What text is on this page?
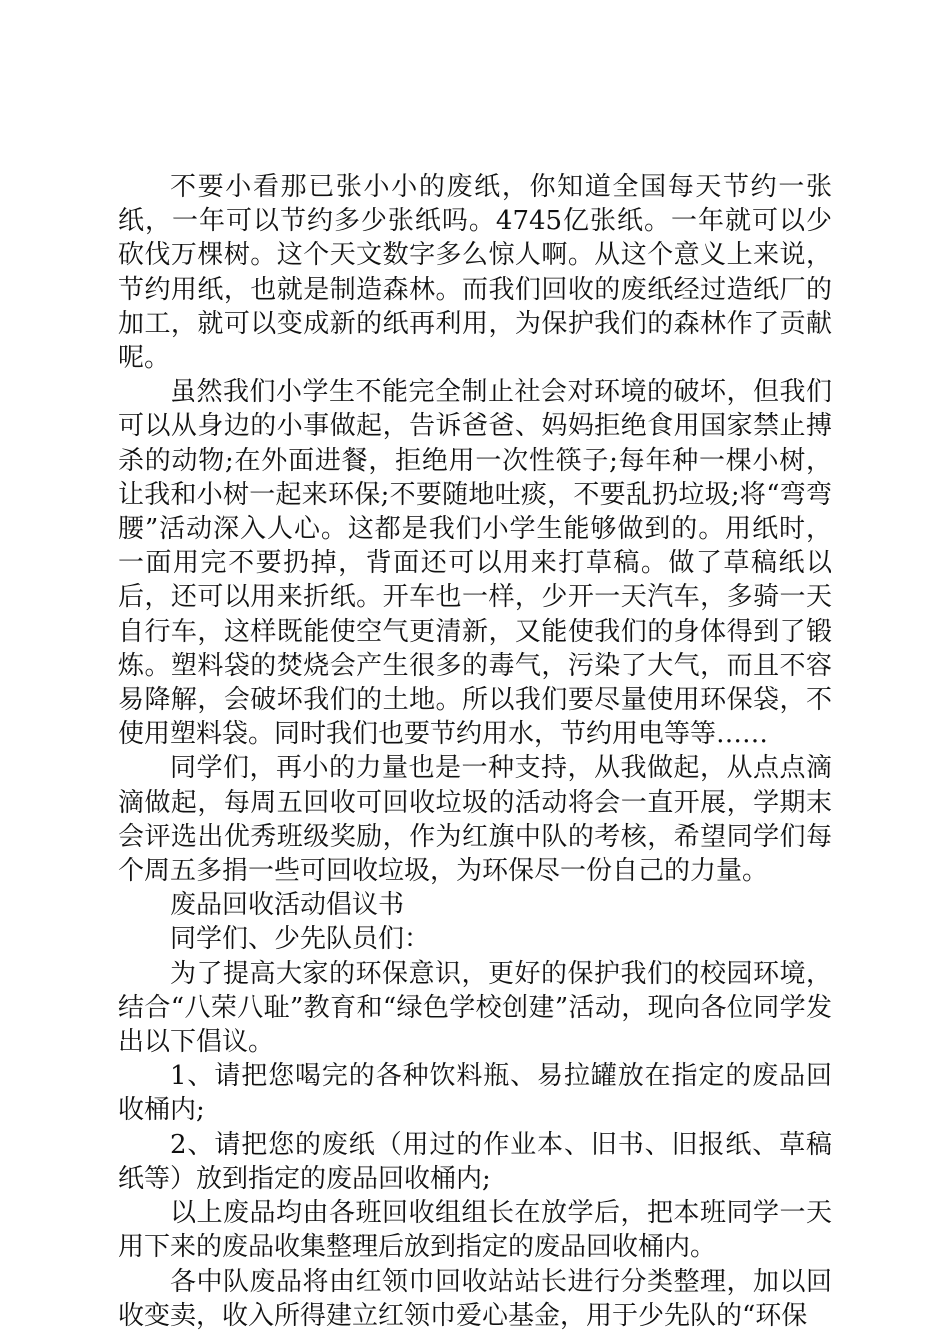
不要小看那已张小小的废纸，你知道全国每天节约一张纸，一年可以节约多少张纸吗。4745亿张纸。一年就可以少砍伐万棵树。这个天文数字多么惊人啊。从这个意义上来说，节约用纸，也就是制造森林。而我们回收的废纸经过造纸厂的加工，就可以变成新的纸再利用，为保护我们的森林作了贡献呢。

虽然我们小学生不能完全制止社会对环境的破坏，但我们可以从身边的小事做起，告诉爸爸、妈妈拒绝食用国家禁止搏杀的动物;在外面进餐，拒绝用一次性筷子;每年种一棵小树，让我和小树一起来环保;不要随地吐痰，不要乱扔垃圾;将“弯弯腰”活动深入人心。这都是我们小学生能够做到的。用纸时，一面用完不要扔掉，背面还可以用来打草稿。做了草稿纸以后，还可以用来折纸。开车也一样，少开一天汽车，多骑一天自行车，这样既能使空气更清新，又能使我们的身体得到了锻炼。塑料袋的焚烧会产生很多的毒气，污染了大气，而且不容易降解，会破坏我们的土地。所以我们要尽量使用环保袋，不使用塑料袋。同时我们也要节约用水，节约用电等等……

同学们，再小的力量也是一种支持，从我做起，从点点滴滴做起，每周五回收可回收垃圾的活动将会一直开展，学期末会评选出优秀班级奖励，作为红旗中队的考核，希望同学们每个周五多捐一些可回收垃圾，为环保尽一份自己的力量。

废品回收活动倡议书

同学们、少先队员们：

为了提高大家的环保意识，更好的保护我们的校园环境，结合“八荣八耻”教育和“绿色学校创建”活动，现向各位同学发出以下倡议。

1、请把您喝完的各种饮料瓶、易拉罐放在指定的废品回收桶内;

2、请把您的废纸（用过的作业本、旧书、旧报纸、草稿纸等）放到指定的废品回收桶内;

以上废品均由各班回收组组长在放学后，把本班同学一天用下来的废品收集整理后放到指定的废品回收桶内。

各中队废品将由红领巾回收站站长进行分类整理，加以回收变卖，收入所得建立红领巾爱心基金，用于少先队的“环保
